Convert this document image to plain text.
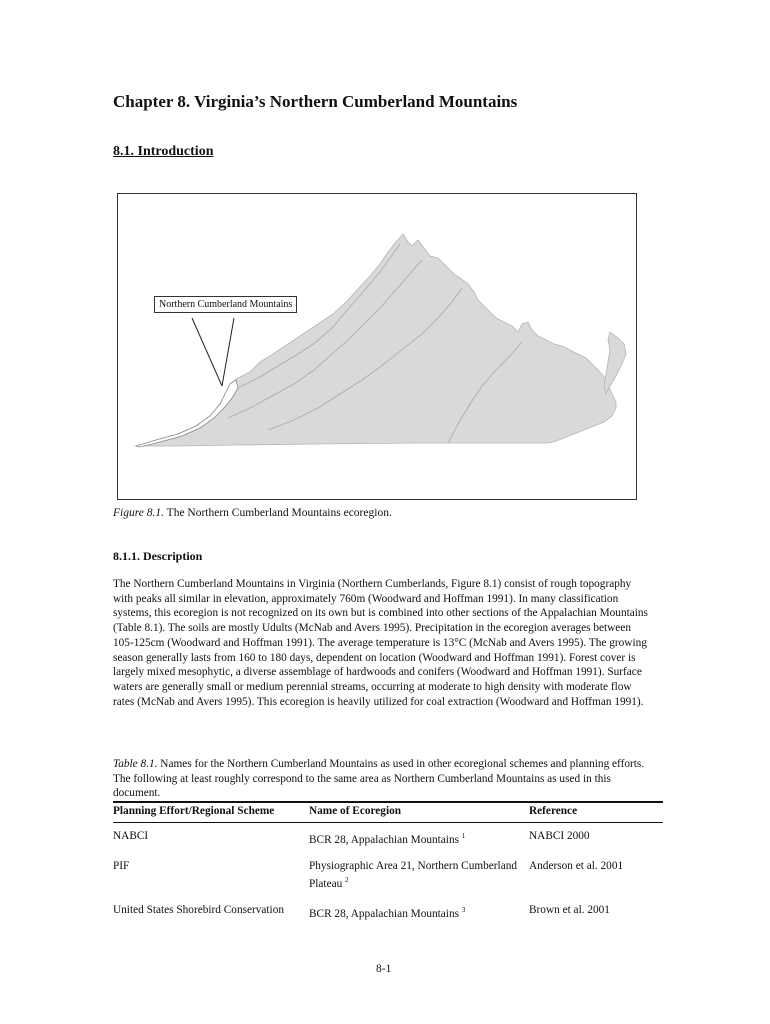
Chapter 8. Virginia’s Northern Cumberland Mountains
8.1. Introduction
Northern Cumberland Mountains
Figure 8.1. The Northern Cumberland Mountains ecoregion.
8.1.1. Description

The Northern Cumberland Mountains in Virginia (Northern Cumberlands, Figure 8.1) consist of rough topography with peaks all similar in elevation, approximately 760m (Woodward and Hoffman 1991). In many classification systems, this ecoregion is not recognized on its own but is combined into other sections of the Appalachian Mountains (Table 8.1). The soils are mostly Udults (McNab and Avers 1995). Precipitation in the ecoregion averages between 105-125cm (Woodward and Hoffman 1991). The average temperature is 13°C (McNab and Avers 1995). The growing season generally lasts from 160 to 180 days, dependent on location (Woodward and Hoffman 1991). Forest cover is largely mixed mesophytic, a diverse assemblage of hardwoods and conifers (Woodward and Hoffman 1991). Surface waters are generally small or medium perennial streams, occurring at moderate to high density with moderate flow rates (McNab and Avers 1995). This ecoregion is heavily utilized for coal extraction (Woodward and Hoffman 1991).

Table 8.1. Names for the Northern Cumberland Mountains as used in other ecoregional schemes and planning efforts. The following at least roughly correspond to the same area as Northern Cumberland Mountains as used in this document.

Planning Effort/Regional Scheme	Name of Ecoregion	Reference
NABCI	BCR 28, Appalachian Mountains $^1$	NABCI 2000
PIF	Physiographic Area 21, Northern Cumberland Plateau $^2$	Anderson et al. 2001
United States Shorebird Conservation	BCR 28, Appalachian Mountains $^3$	Brown et al. 2001
8-1
